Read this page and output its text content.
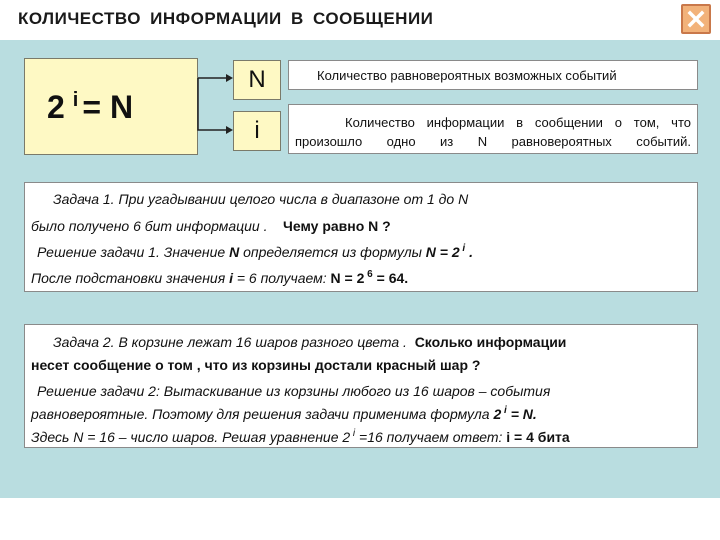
КОЛИЧЕСТВО ИНФОРМАЦИИ В СООБЩЕНИИ
2 $^i$ = N
N
i
Количество равновероятных возможных событий
Количество информации в сообщении о том, что
произошло одно из N равновероятных событий.
Задача 1. При угадывании целого числа в диапазоне от 1 до N
было получено 6 бит информации . Чему равно N ?
Решение задачи 1. Значение N определяется из формулы N = 2 $^i$ .
После подстановки значения i = 6 получаем: N = 2 $^6$ = 64.
Задача 2. В корзине лежат 16 шаров разного цвета . Сколько информации
несет сообщение о том , что из корзины достали красный шар ?
Решение задачи 2: Вытаскивание из корзины любого из 16 шаров – события
равновероятные. Поэтому для решения задачи применима формула 2 $^i$ = N.
Здесь N = 16 – число шаров. Решая уравнение 2 $^i$ =16 получаем ответ: i = 4 бита
